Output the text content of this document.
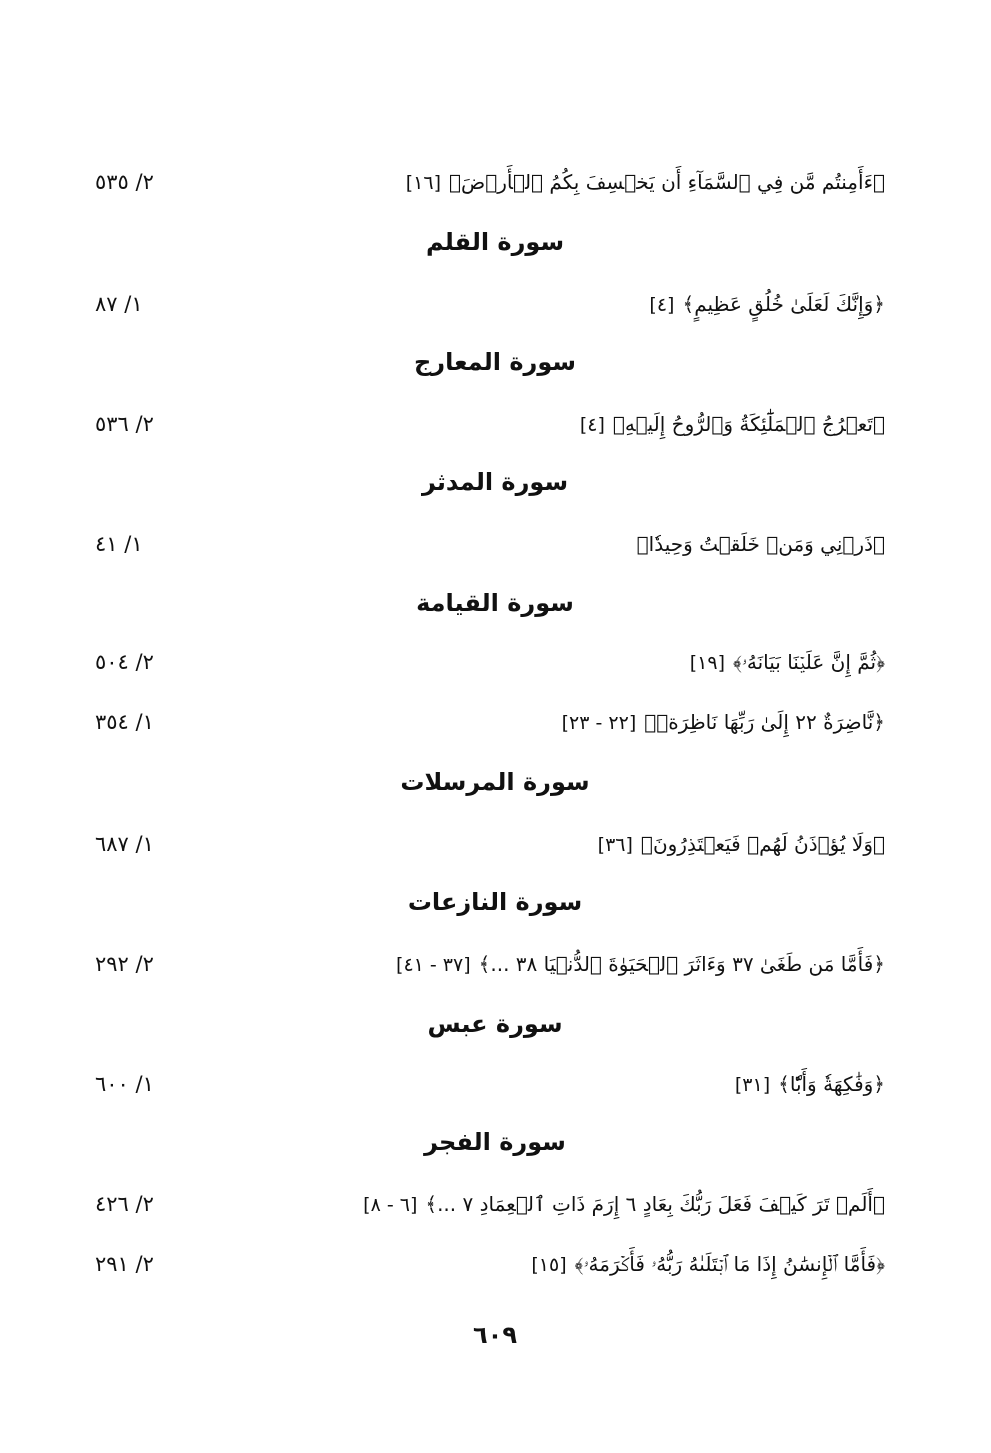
﴿ءَأَمِنتُم مَّن فِي ٱلسَّمَآءِ أَن يَخۡسِفَ بِكُمُ ٱلۡأَرۡضَ﴾[١٦]
٢/ ٥٣٥
سورة القلم
﴿وَإِنَّكَ لَعَلَىٰ خُلُقٍ عَظِيمٍ﴾[٤]
١/ ٨٧
سورة المعارج
﴿تَعۡرُجُ ٱلۡمَلَٰٓئِكَةُ وَٱلرُّوحُ إِلَيۡهِ﴾[٤]
٢/ ٥٣٦
سورة المدثر
﴿ذَرۡنِي وَمَنۡ خَلَقۡتُ وَحِيدٗا﴾
١/ ٤١
سورة القيامة
﴿ثُمَّ إِنَّ عَلَيۡنَا بَيَانَهُۥ﴾[١٩]
٢/ ٥٠٤
﴿نَّاضِرَةٌ ٢٢ إِلَىٰ رَبِّهَا نَاظِرَةٞ﴾[٢٢ - ٢٣]
١/ ٣٥٤
سورة المرسلات
﴿وَلَا يُؤۡذَنُ لَهُمۡ فَيَعۡتَذِرُونَ﴾[٣٦]
١/ ٦٨٧
سورة النازعات
﴿فَأَمَّا مَن طَغَىٰ ٣٧ وَءَاثَرَ ٱلۡحَيَوٰةَ ٱلدُّنۡيَا ٣٨ ...﴾[٣٧ - ٤١]
٢/ ٢٩٢
سورة عبس
﴿وَفَٰكِهَةٗ وَأَبّٗا﴾[٣١]
١/ ٦٠٠
سورة الفجر
﴿أَلَمۡ تَرَ كَيۡفَ فَعَلَ رَبُّكَ بِعَادٍ ٦ إِرَمَ ذَاتِ ٱلۡعِمَادِ ٧ ...﴾[٦ - ٨]
٢/ ٤٢٦
﴿فَأَمَّا ٱلۡإِنسَٰنُ إِذَا مَا ٱبۡتَلَىٰهُ رَبُّهُۥ فَأَكۡرَمَهُۥ﴾[١٥]
٢/ ٢٩١
٦٠٩
